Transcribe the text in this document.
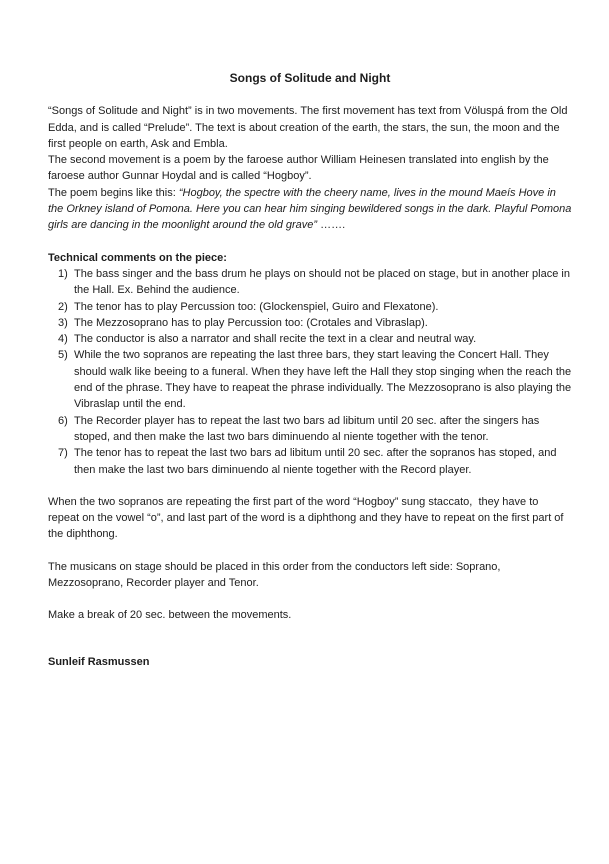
Songs of Solitude and Night

“Songs of Solitude and Night” is in two movements. The first movement has text from Völuspá from the Old Edda, and is called “Prelude”. The text is about creation of the earth, the stars, the sun, the moon and the first people on earth, Ask and Embla.

The second movement is a poem by the faroese author William Heinesen translated into english by the faroese author Gunnar Hoydal and is called “Hogboy”.

The poem begins like this: “Hogboy, the spectre with the cheery name, lives in the mound Maeís Hove in the Orkney island of Pomona. Here you can hear him singing bewildered songs in the dark. Playful Pomona girls are dancing in the moonlight around the old grave” …….

Technical comments on the piece:
1) The bass singer and the bass drum he plays on should not be placed on stage, but in another place in the Hall. Ex. Behind the audience.
2) The tenor has to play Percussion too: (Glockenspiel, Guiro and Flexatone).
3) The Mezzosoprano has to play Percussion too: (Crotales and Vibraslap).
4) The conductor is also a narrator and shall recite the text in a clear and neutral way.
5) While the two sopranos are repeating the last three bars, they start leaving the Concert Hall. They should walk like beeing to a funeral. When they have left the Hall they stop singing when the reach the end of the phrase. They have to reapeat the phrase individually. The Mezzosoprano is also playing the Vibraslap until the end.
6) The Recorder player has to repeat the last two bars ad libitum until 20 sec. after the singers has stoped, and then make the last two bars diminuendo al niente together with the tenor.
7) The tenor has to repeat the last two bars ad libitum until 20 sec. after the sopranos has stoped, and then make the last two bars diminuendo al niente together with the Record player.

When the two sopranos are repeating the first part of the word “Hogboy” sung staccato,  they have to repeat on the vowel “o”, and last part of the word is a diphthong and they have to repeat on the first part of the diphthong.

The musicans on stage should be placed in this order from the conductors left side: Soprano, Mezzosoprano, Recorder player and Tenor.

Make a break of 20 sec. between the movements.

Sunleif Rasmussen
